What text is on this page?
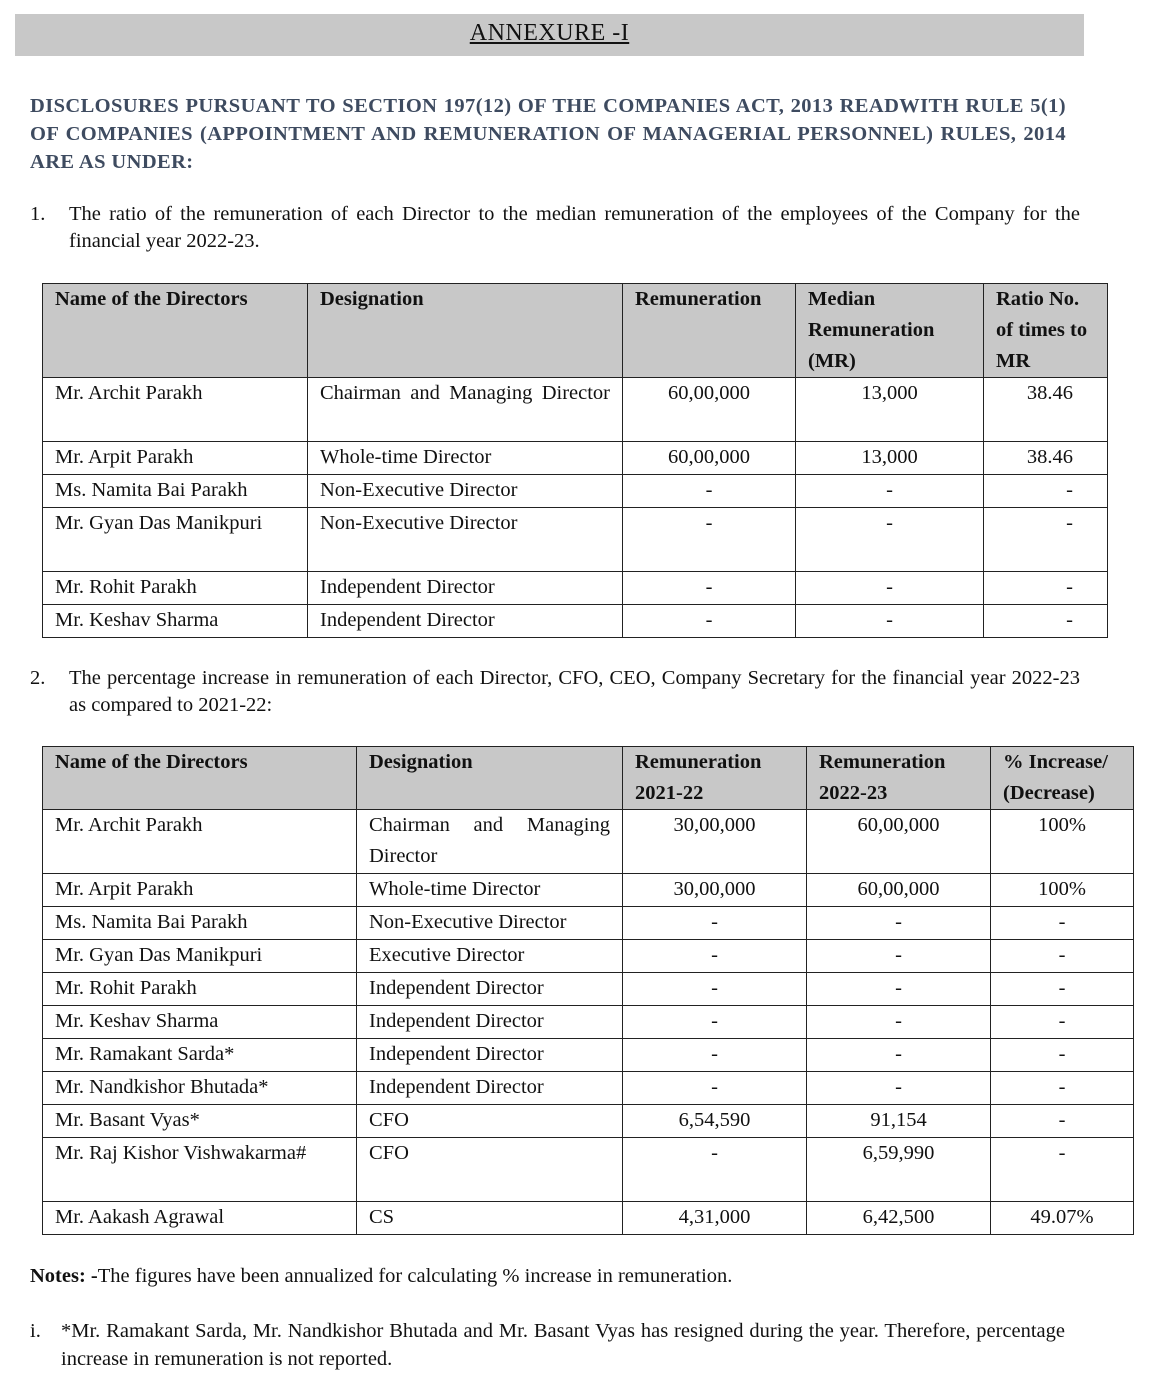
ANNEXURE -I
DISCLOSURES PURSUANT TO SECTION 197(12) OF THE COMPANIES ACT, 2013 READWITH RULE 5(1) OF COMPANIES (APPOINTMENT AND REMUNERATION OF MANAGERIAL PERSONNEL) RULES, 2014 ARE AS UNDER:
1. The ratio of the remuneration of each Director to the median remuneration of the employees of the Company for the financial year 2022-23.
Name of the Directors	Designation	Remuneration	Median Remuneration (MR)	Ratio No. of times to MR
Mr. Archit Parakh	Chairman and Managing Director	60,00,000	13,000	38.46
Mr. Arpit Parakh	Whole-time Director	60,00,000	13,000	38.46
Ms. Namita Bai Parakh	Non-Executive Director	-	-	-
Mr. Gyan Das Manikpuri	Non-Executive Director	-	-	-
Mr. Rohit Parakh	Independent Director	-	-	-
Mr. Keshav Sharma	Independent Director	-	-	-
2. The percentage increase in remuneration of each Director, CFO, CEO, Company Secretary for the financial year 2022-23 as compared to 2021-22:
Name of the Directors	Designation	Remuneration 2021-22	Remuneration 2022-23	% Increase/ (Decrease)
Mr. Archit Parakh	Chairman and Managing Director	30,00,000	60,00,000	100%
Mr. Arpit Parakh	Whole-time Director	30,00,000	60,00,000	100%
Ms. Namita Bai Parakh	Non-Executive Director	-	-	-
Mr. Gyan Das Manikpuri	Executive Director	-	-	-
Mr. Rohit Parakh	Independent Director	-	-	-
Mr. Keshav Sharma	Independent Director	-	-	-
Mr. Ramakant Sarda*	Independent Director	-	-	-
Mr. Nandkishor Bhutada*	Independent Director	-	-	-
Mr. Basant Vyas*	CFO	6,54,590	91,154	-
Mr. Raj Kishor Vishwakarma#	CFO	-	6,59,990	-
Mr. Aakash Agrawal	CS	4,31,000	6,42,500	49.07%
Notes: -The figures have been annualized for calculating % increase in remuneration.
i. *Mr. Ramakant Sarda, Mr. Nandkishor Bhutada and Mr. Basant Vyas has resigned during the year. Therefore, percentage increase in remuneration is not reported.
